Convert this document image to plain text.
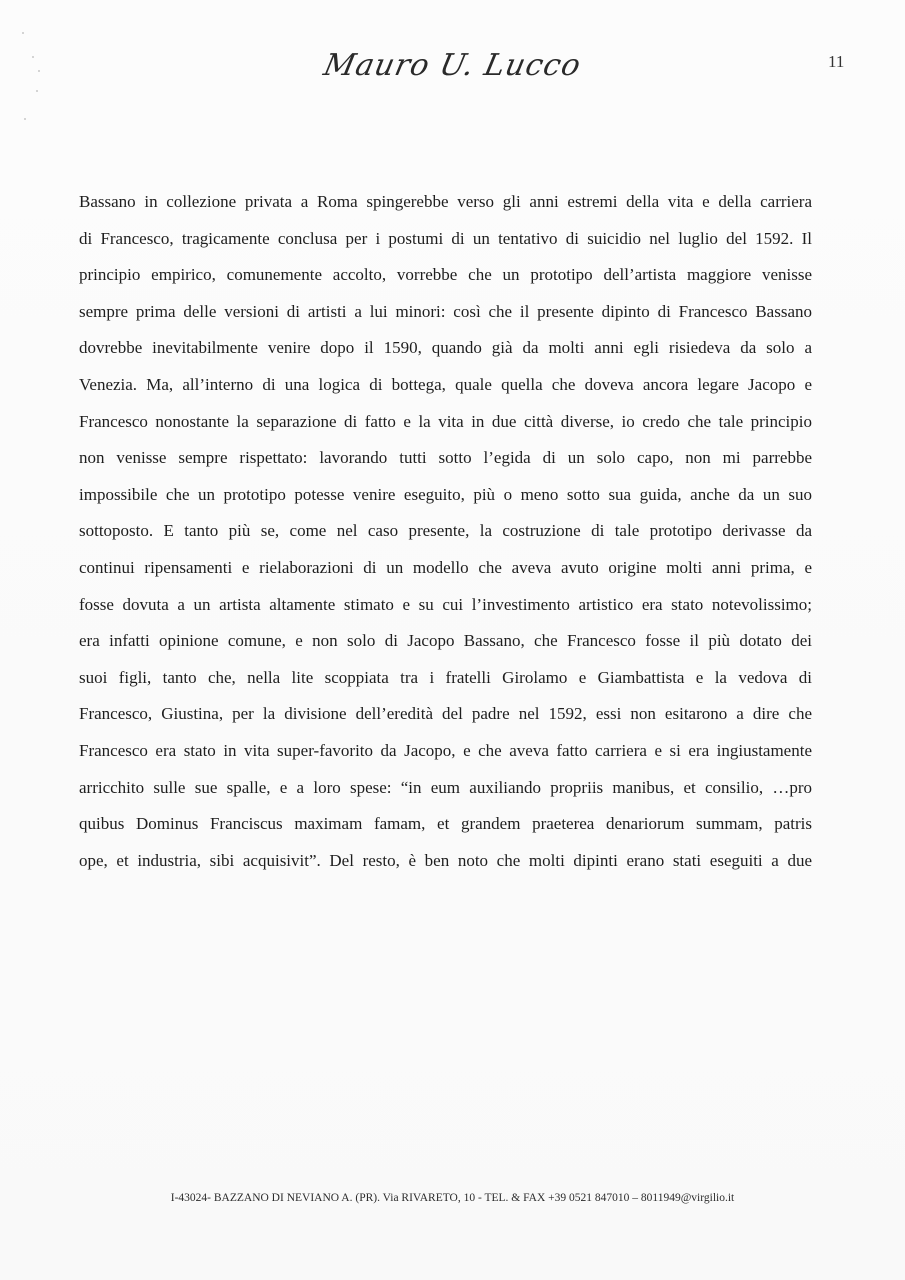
Mauro U. Lucco	11
Bassano in collezione privata a Roma spingerebbe verso gli anni estremi della vita e della carriera
di Francesco, tragicamente conclusa per i postumi di un tentativo di suicidio nel luglio del 1592. Il
principio empirico, comunemente accolto, vorrebbe che un prototipo dell’artista maggiore venisse
sempre prima delle versioni di artisti a lui minori: così che il presente dipinto di Francesco Bassano
dovrebbe inevitabilmente venire dopo il 1590, quando già da molti anni egli risiedeva da solo a
Venezia. Ma, all’interno di una logica di bottega, quale quella che doveva ancora legare Jacopo e
Francesco nonostante la separazione di fatto e la vita in due città diverse, io credo che tale principio
non venisse sempre rispettato: lavorando tutti sotto l’egida di un solo capo, non mi parrebbe
impossibile che un prototipo potesse venire eseguito, più o meno sotto sua guida, anche da un suo
sottoposto. E tanto più se, come nel caso presente, la costruzione di tale prototipo derivasse da
continui ripensamenti e rielaborazioni di un modello che aveva avuto origine molti anni prima, e
fosse dovuta a un artista altamente stimato e su cui l’investimento artistico era stato notevolissimo;
era infatti opinione comune, e non solo di Jacopo Bassano, che Francesco fosse il più dotato dei
suoi figli, tanto che, nella lite scoppiata tra i fratelli Girolamo e Giambattista e la vedova di
Francesco, Giustina, per la divisione dell’eredità del padre nel 1592, essi non esitarono a dire che
Francesco era stato in vita super-favorito da Jacopo, e che aveva fatto carriera e si era ingiustamente
arricchito sulle sue spalle, e a loro spese: “in eum auxiliando propriis manibus, et consilio, …pro
quibus Dominus Franciscus maximam famam, et grandem praeterea denariorum summam, patris
ope, et industria, sibi acquisivit”. Del resto, è ben noto che molti dipinti erano stati eseguiti a due
I-43024- BAZZANO DI NEVIANO A. (PR). Via RIVARETO, 10 - TEL. & FAX +39 0521 847010 – 8011949@virgilio.it
